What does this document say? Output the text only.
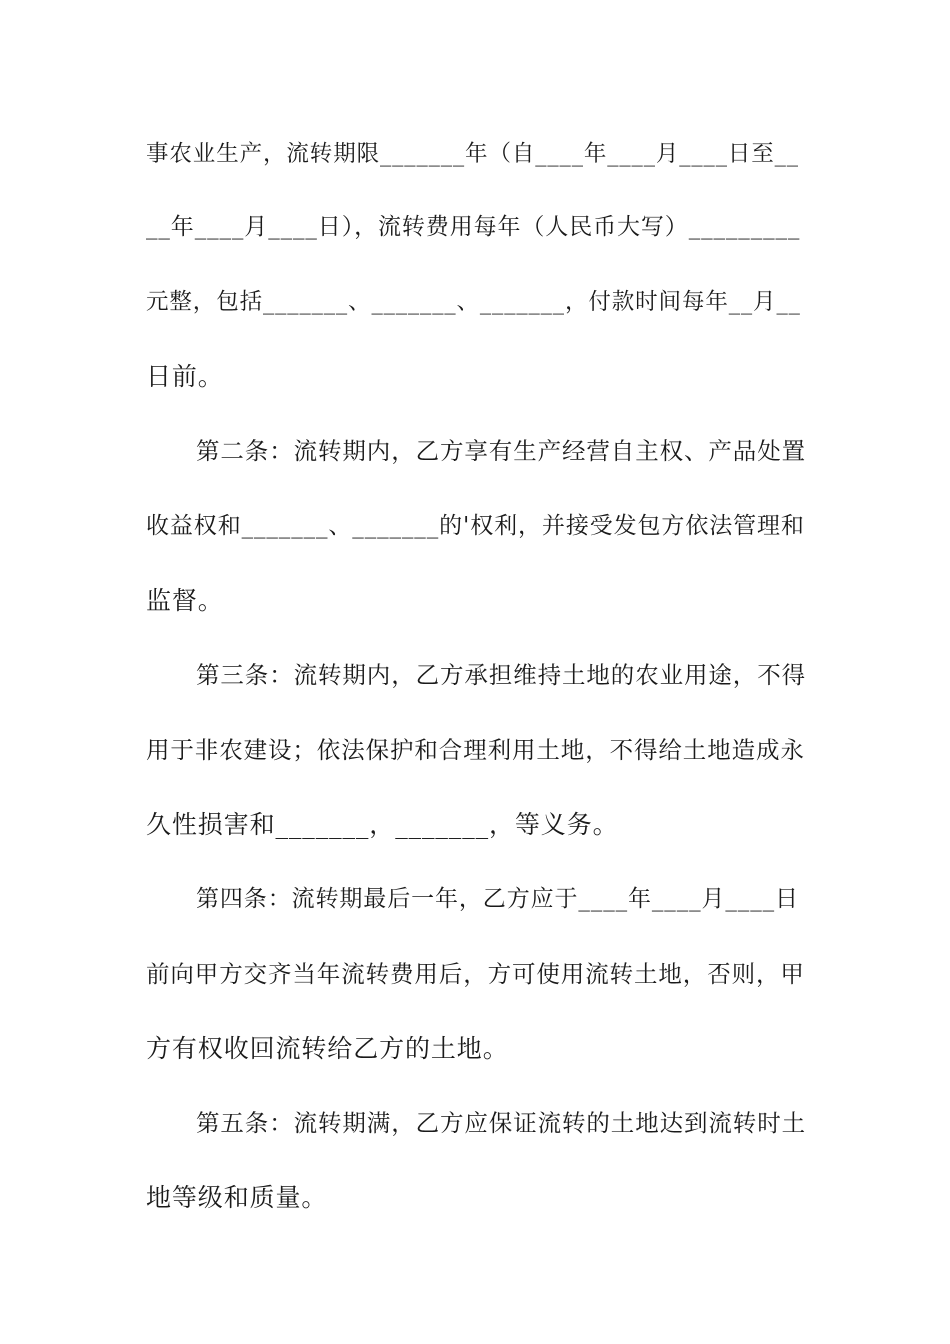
事农业生产，流转期限_______年（自____年____月____日至__
__年____月____日），流转费用每年（人民币大写）_________
元整，包括_______、_______、_______，付款时间每年__月__
日前。
第二条：流转期内，乙方享有生产经营自主权、产品处置
收益权和_______、_______的'权利，并接受发包方依法管理和
监督。
第三条：流转期内，乙方承担维持土地的农业用途，不得
用于非农建设；依法保护和合理利用土地，不得给土地造成永
久性损害和_______，_______，等义务。
第四条：流转期最后一年，乙方应于____年____月____日
前向甲方交齐当年流转费用后，方可使用流转土地，否则，甲
方有权收回流转给乙方的土地。
第五条：流转期满，乙方应保证流转的土地达到流转时土
地等级和质量。
